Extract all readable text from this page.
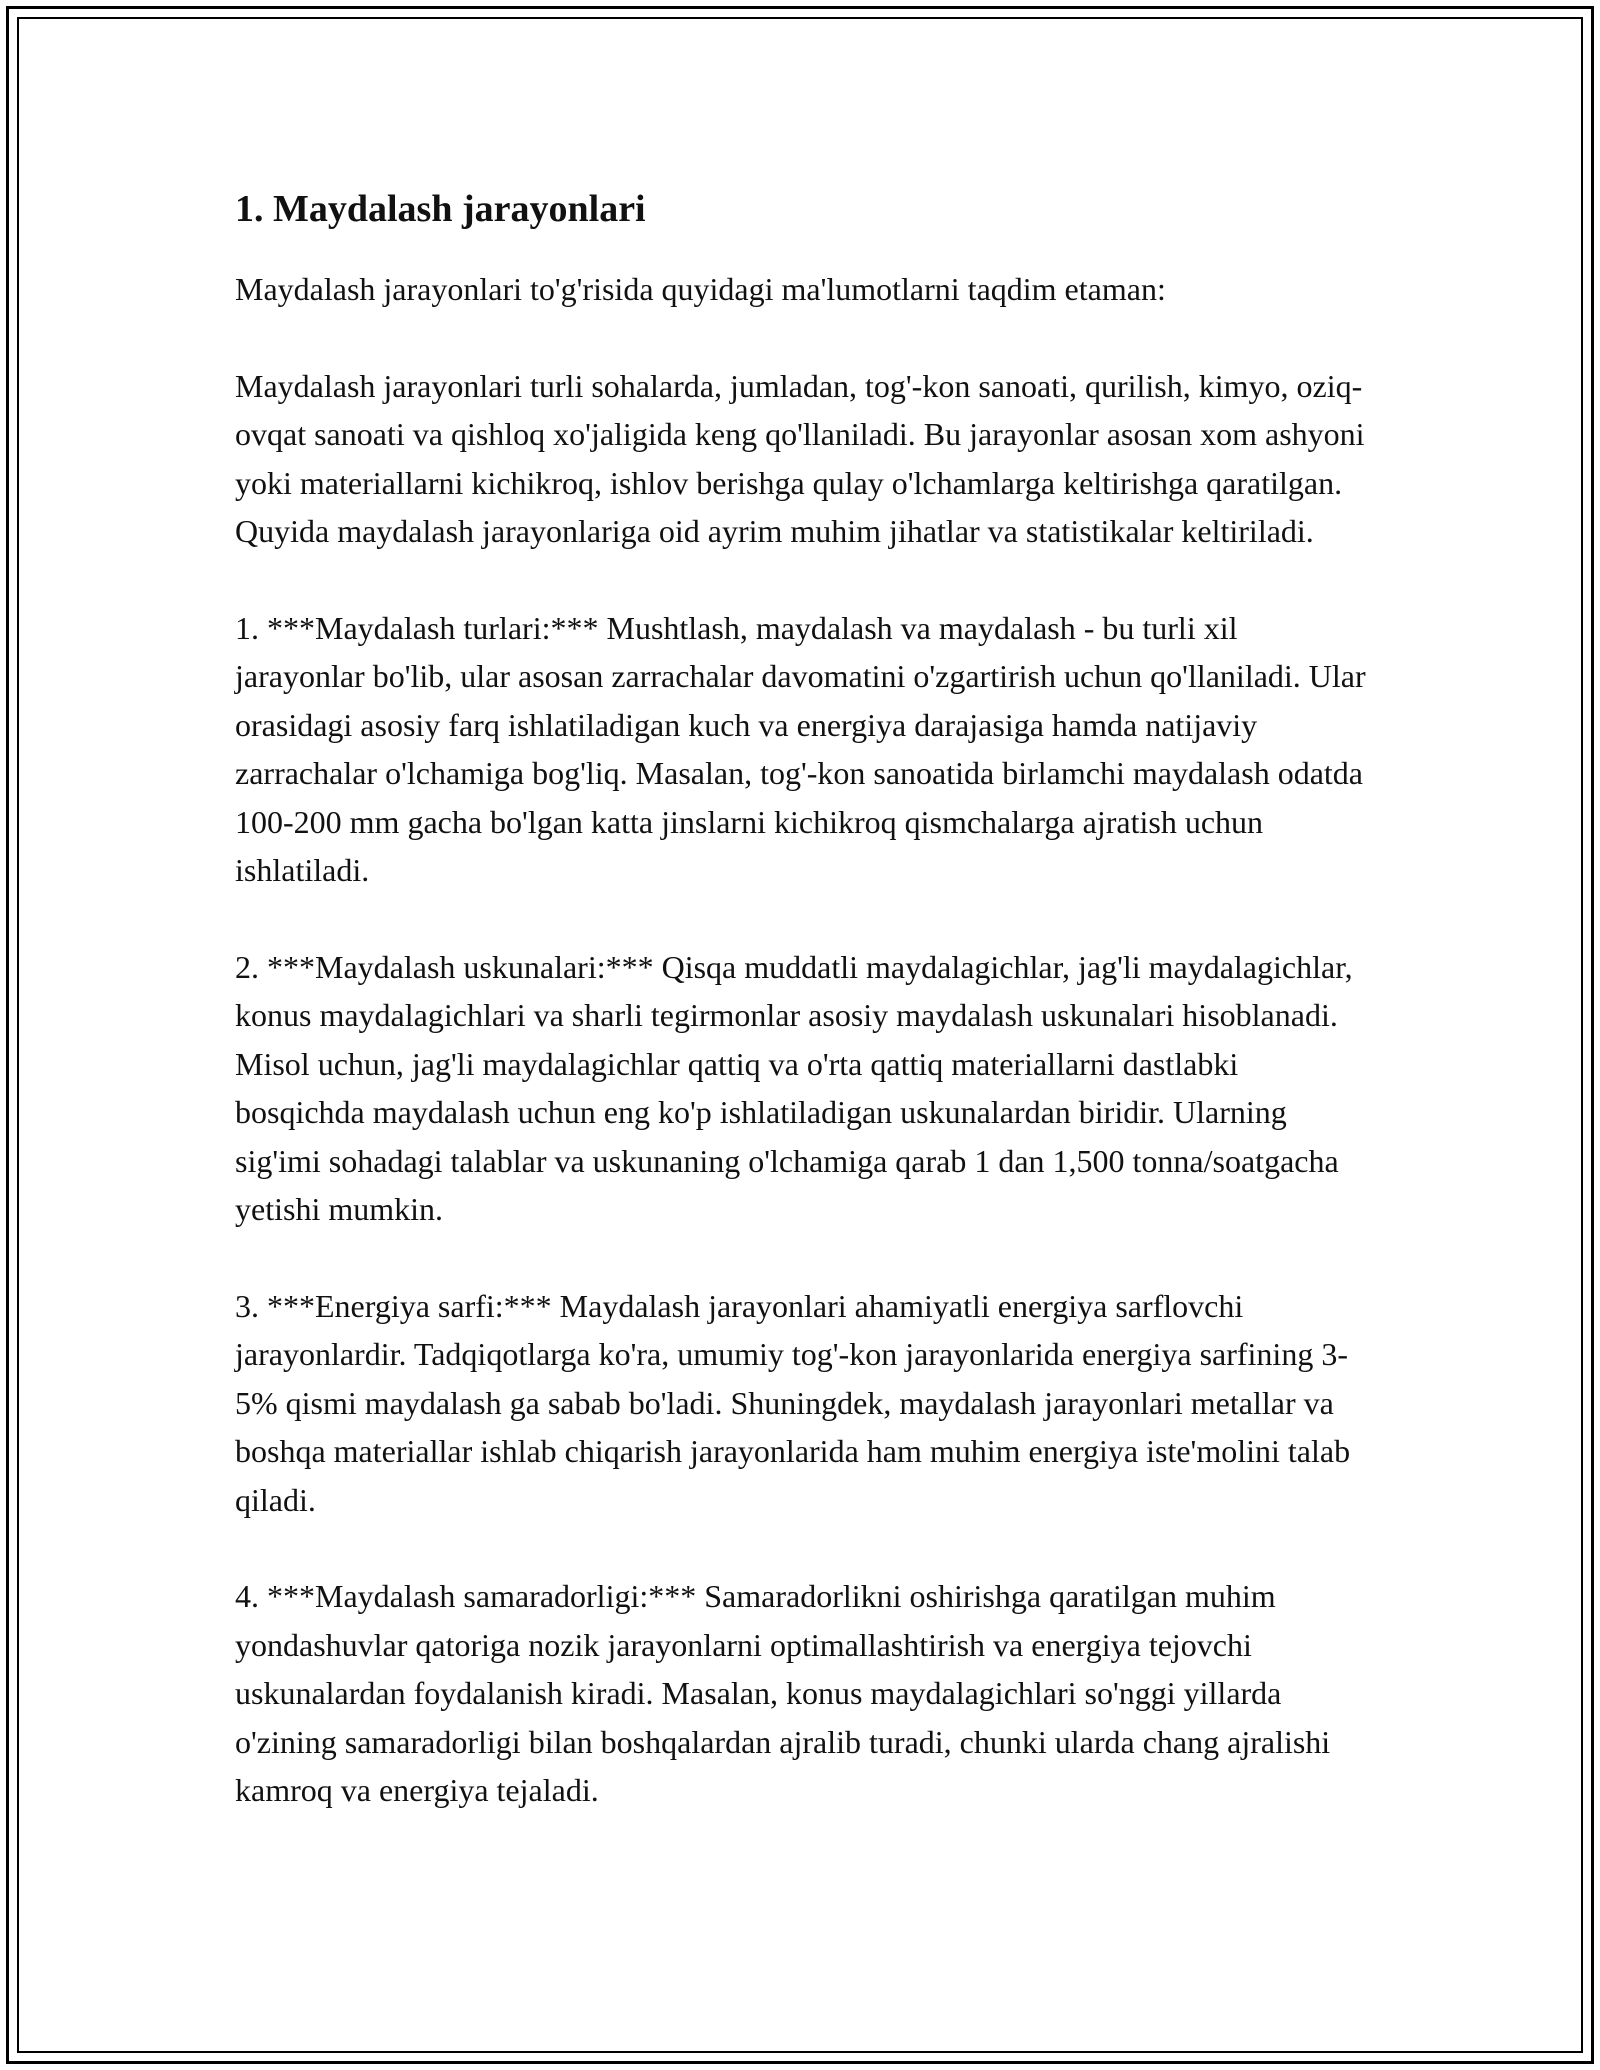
1. Maydalash jarayonlari

Maydalash jarayonlari to'g'risida quyidagi ma'lumotlarni taqdim etaman:

Maydalash jarayonlari turli sohalarda, jumladan, tog'-kon sanoati, qurilish, kimyo, oziq-ovqat sanoati va qishloq xo'jaligida keng qo'llaniladi. Bu jarayonlar asosan xom ashyoni yoki materiallarni kichikroq, ishlov berishga qulay o'lchamlarga keltirishga qaratilgan. Quyida maydalash jarayonlariga oid ayrim muhim jihatlar va statistikalar keltiriladi.

1. ***Maydalash turlari:*** Mushtlash, maydalash va maydalash - bu turli xil jarayonlar bo'lib, ular asosan zarrachalar davomatini o'zgartirish uchun qo'llaniladi. Ular orasidagi asosiy farq ishlatiladigan kuch va energiya darajasiga hamda natijaviy zarrachalar o'lchamiga bog'liq. Masalan, tog'-kon sanoatida birlamchi maydalash odatda 100-200 mm gacha bo'lgan katta jinslarni kichikroq qismchalarga ajratish uchun ishlatiladi.

2. ***Maydalash uskunalari:*** Qisqa muddatli maydalagichlar, jag'li maydalagichlar, konus maydalagichlari va sharli tegirmonlar asosiy maydalash uskunalari hisoblanadi. Misol uchun, jag'li maydalagichlar qattiq va o'rta qattiq materiallarni dastlabki bosqichda maydalash uchun eng ko'p ishlatiladigan uskunalardan biridir. Ularning sig'imi sohadagi talablar va uskunaning o'lchamiga qarab 1 dan 1,500 tonna/soatgacha yetishi mumkin.

3. ***Energiya sarfi:*** Maydalash jarayonlari ahamiyatli energiya sarflovchi jarayonlardir. Tadqiqotlarga ko'ra, umumiy tog'-kon jarayonlarida energiya sarfining 3-5% qismi maydalash ga sabab bo'ladi. Shuningdek, maydalash jarayonlari metallar va boshqa materiallar ishlab chiqarish jarayonlarida ham muhim energiya iste'molini talab qiladi.

4. ***Maydalash samaradorligi:*** Samaradorlikni oshirishga qaratilgan muhim yondashuvlar qatoriga nozik jarayonlarni optimallashtirish va energiya tejovchi uskunalardan foydalanish kiradi. Masalan, konus maydalagichlari so'nggi yillarda o'zining samaradorligi bilan boshqalardan ajralib turadi, chunki ularda chang ajralishi kamroq va energiya tejaladi.
